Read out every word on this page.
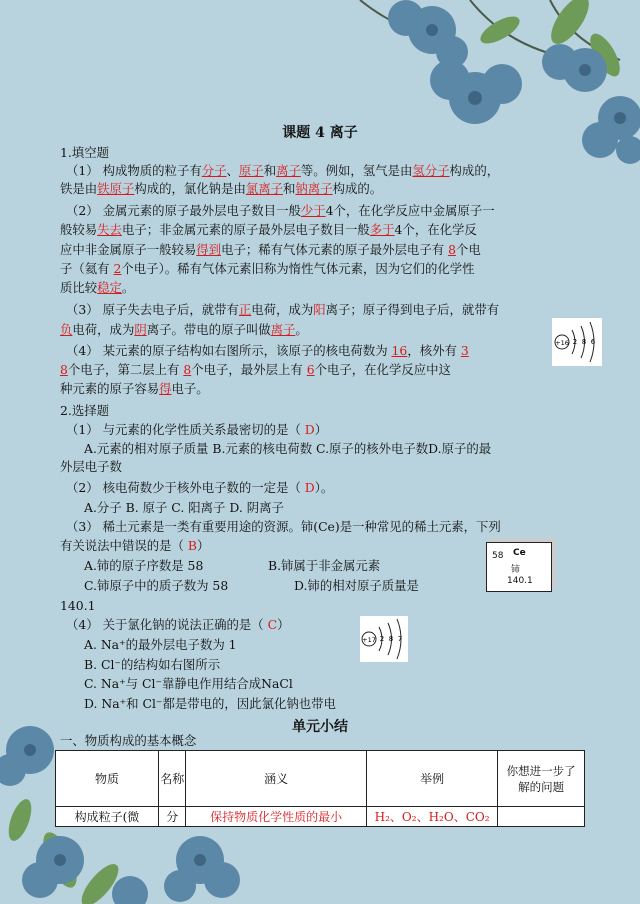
课题 4 离子
1.填空题
（1） 构成物质的粒子有分子、原子和离子等。例如，氢气是由氢分子构成的，
铁是由铁原子构成的，氯化钠是由氯离子和钠离子构成的。
（2） 金属元素的原子最外层电子数目一般少于4个，在化学反应中金属原子一
般较易失去电子；非金属元素的原子最外层电子数目一般多于4个，在化学反
应中非金属原子一般较易得到电子；稀有气体元素的原子最外层电子有 8个电
子（氦有 2个电子）。稀有气体元素旧称为惰性气体元素，因为它们的化学性
质比较稳定。
（3） 原子失去电子后，就带有正电荷，成为阳离子；原子得到电子后，就带有
负电荷，成为阴离子。带电的原子叫做离子。
（4） 某元素的原子结构如右图所示，该原子的核电荷数为 16，核外有 3
8个电子，第二层上有 8个电子，最外层上有 6个电子，在化学反应中这
种元素的原子容易得电子。
+16 2 8 6
2.选择题
（1） 与元素的化学性质关系最密切的是（ D）
A.元素的相对原子质量 B.元素的核电荷数 C.原子的核外电子数D.原子的最
外层电子数
（2） 核电荷数少于核外电子数的一定是（ D）。
A.分子 B. 原子 C. 阳离子 D. 阴离子
（3） 稀土元素是一类有重要用途的资源。铈(Ce)是一种常见的稀土元素，下列
有关说法中错误的是（ B）
A.铈的原子序数是 58	B.铈属于非金属元素
C.铈原子中的质子数为 58	D.铈的相对原子质量是
140.1
58 Ce
铈
140.1
（4） 关于氯化钠的说法正确的是（ C）
A. Na⁺的最外层电子数为 1
B. Cl⁻的结构如右图所示
C. Na⁺与 Cl⁻靠静电作用结合成NaCl
D. Na⁺和 Cl⁻都是带电的，因此氯化钠也带电
+17 2 8 7
单元小结
一、物质构成的基本概念
物质	名称	涵义	举例	你想进一步了解的问题
构成粒子(微	分	保持物质化学性质的最小	H₂、O₂、H₂O、CO₂	
